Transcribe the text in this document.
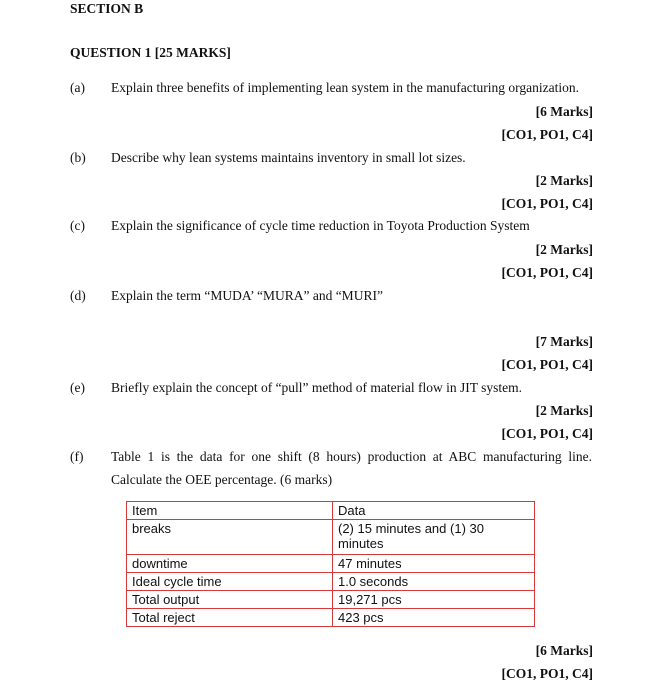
SECTION B
QUESTION 1 [25 MARKS]
(a) Explain three benefits of implementing lean system in the manufacturing organization.
[6 Marks]
[CO1, PO1, C4]
(b) Describe why lean systems maintains inventory in small lot sizes.
[2 Marks]
[CO1, PO1, C4]
(c) Explain the significance of cycle time reduction in Toyota Production System
[2 Marks]
[CO1, PO1, C4]
(d) Explain the term “MUDA’ “MURA” and “MURI”
[7 Marks]
[CO1, PO1, C4]
(e) Briefly explain the concept of “pull” method of material flow in JIT system.
[2 Marks]
[CO1, PO1, C4]
(f) Table 1 is the data for one shift (8 hours) production at ABC manufacturing line.
Calculate the OEE percentage. (6 marks)
Item	Data
breaks	(2) 15 minutes and (1) 30 minutes
downtime	47 minutes
Ideal cycle time	1.0 seconds
Total output	19,271 pcs
Total reject	423 pcs
[6 Marks]
[CO1, PO1, C4]
